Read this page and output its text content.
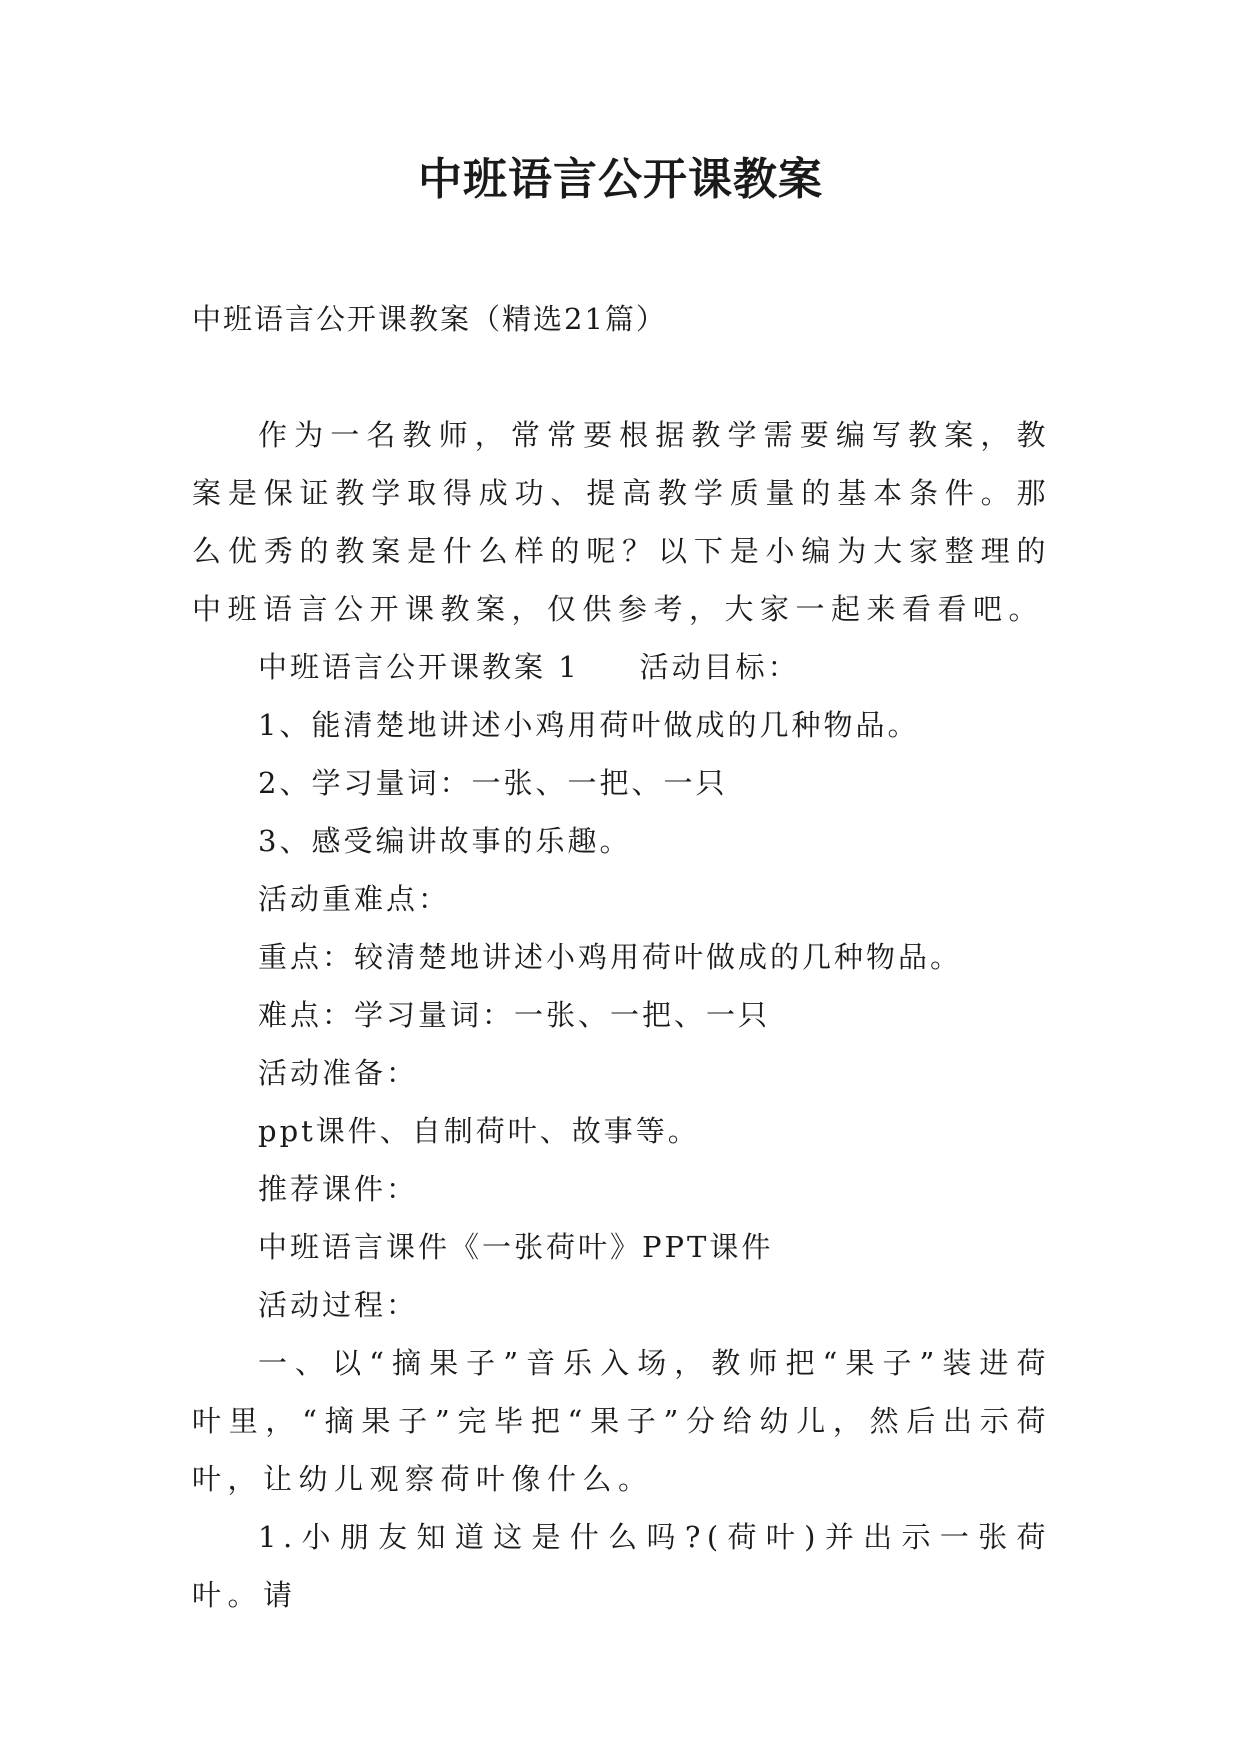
中班语言公开课教案

中班语言公开课教案（精选21篇）

作为一名教师，常常要根据教学需要编写教案，教案是保证教学取得成功、提高教学质量的基本条件。那么优秀的教案是什么样的呢？以下是小编为大家整理的中班语言公开课教案，仅供参考，大家一起来看看吧。

中班语言公开课教案 1 活动目标：

1、能清楚地讲述小鸡用荷叶做成的几种物品。

2、学习量词：一张、一把、一只

3、感受编讲故事的乐趣。

活动重难点：

重点：较清楚地讲述小鸡用荷叶做成的几种物品。

难点：学习量词：一张、一把、一只

活动准备：

ppt课件、自制荷叶、故事等。

推荐课件：

中班语言课件《一张荷叶》PPT课件

活动过程：

一、以“摘果子”音乐入场，教师把“果子”装进荷叶里，“摘果子”完毕把“果子”分给幼儿，然后出示荷叶，让幼儿观察荷叶像什么。

1.小朋友知道这是什么吗?(荷叶)并出示一张荷叶。请
